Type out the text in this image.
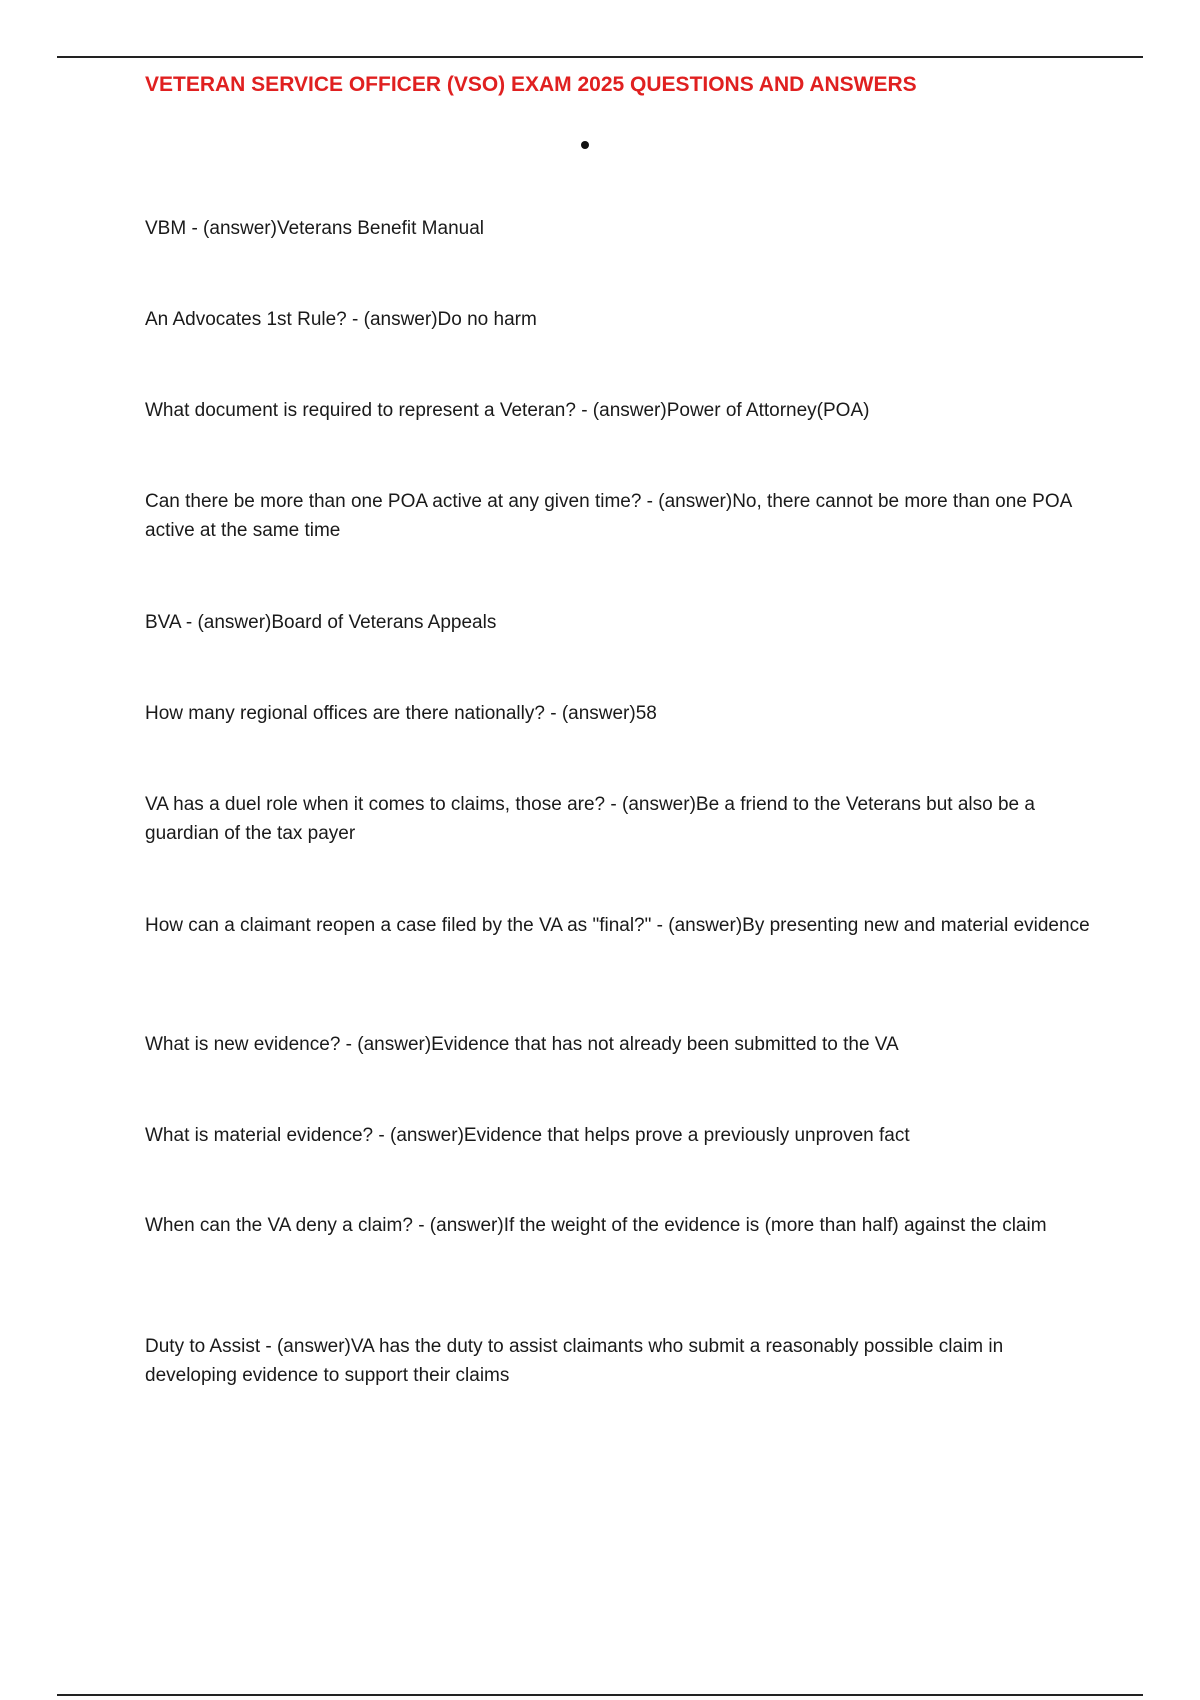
VETERAN SERVICE OFFICER (VSO) EXAM 2025 QUESTIONS AND ANSWERS

VBM - (answer)Veterans Benefit Manual

An Advocates 1st Rule? - (answer)Do no harm

What document is required to represent a Veteran? - (answer)Power of Attorney(POA)

Can there be more than one POA active at any given time? - (answer)No, there cannot be more than one POA active at the same time

BVA - (answer)Board of Veterans Appeals

How many regional offices are there nationally? - (answer)58

VA has a duel role when it comes to claims, those are? - (answer)Be a friend to the Veterans but also be a guardian of the tax payer

How can a claimant reopen a case filed by the VA as "final?" - (answer)By presenting new and material evidence

What is new evidence? - (answer)Evidence that has not already been submitted to the VA

What is material evidence? - (answer)Evidence that helps prove a previously unproven fact

When can the VA deny a claim? - (answer)If the weight of the evidence is (more than half) against the claim

Duty to Assist - (answer)VA has the duty to assist claimants who submit a reasonably possible claim in developing evidence to support their claims
